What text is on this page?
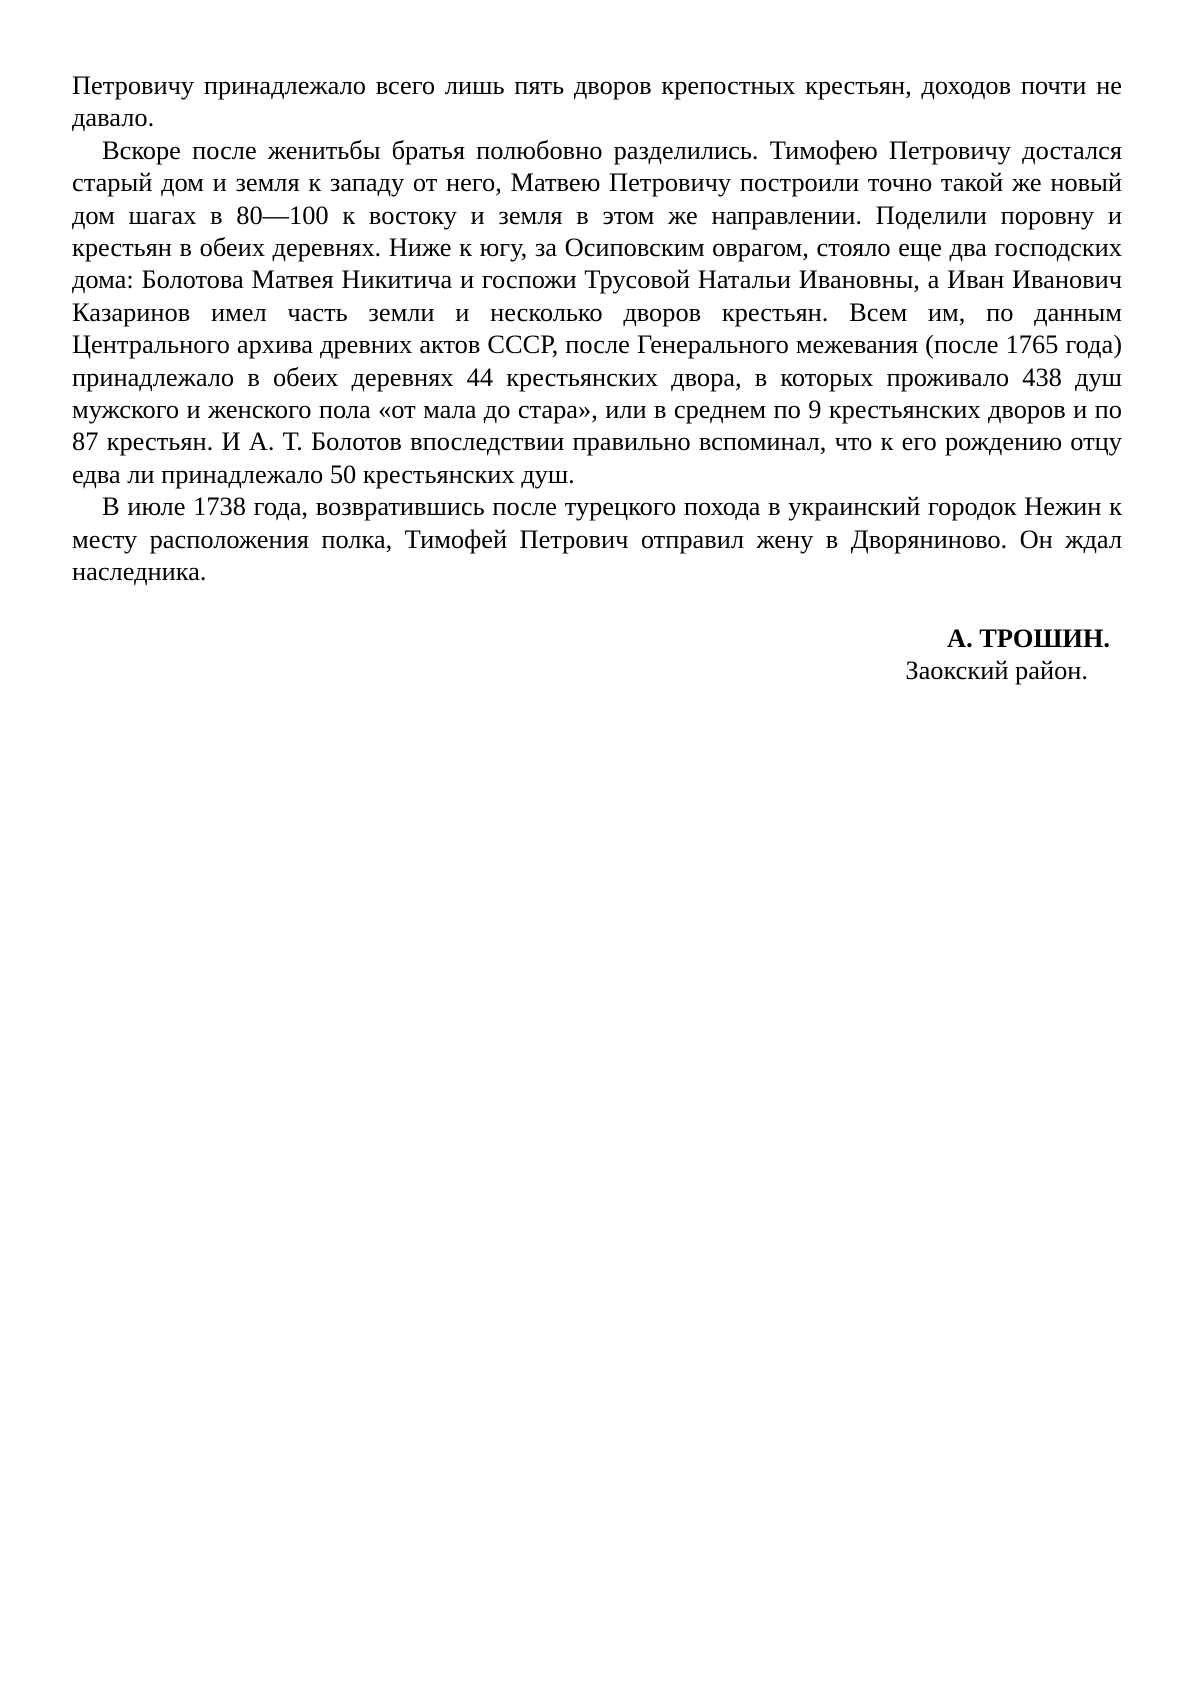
Петровичу принадлежало всего лишь пять дворов крепостных крестьян, доходов почти не давало.

Вскоре после женитьбы братья полюбовно разделились. Тимофею Петровичу достался старый дом и земля к западу от него, Матвею Петровичу построили точно такой же новый дом шагах в 80—100 к востоку и земля в этом же направлении. Поделили поровну и крестьян в обеих деревнях. Ниже к югу, за Осиповским оврагом, стояло еще два господских дома: Болотова Матвея Никитича и госпожи Трусовой Натальи Ивановны, а Иван Иванович Казаринов имел часть земли и несколько дворов крестьян. Всем им, по данным Центрального архива древних актов СССР, после Генерального межевания (после 1765 года) принадлежало в обеих деревнях 44 крестьянских двора, в которых проживало 438 душ мужского и женского пола «от мала до стара», или в среднем по 9 крестьянских дворов и по 87 крестьян. И А. Т. Болотов впоследствии правильно вспоминал, что к его рождению отцу едва ли принадлежало 50 крестьянских душ.

В июле 1738 года, возвратившись после турецкого похода в украинский городок Нежин к месту расположения полка, Тимофей Петрович отправил жену в Дворяниново. Он ждал наследника.

А. ТРОШИН.
Заокский район.
